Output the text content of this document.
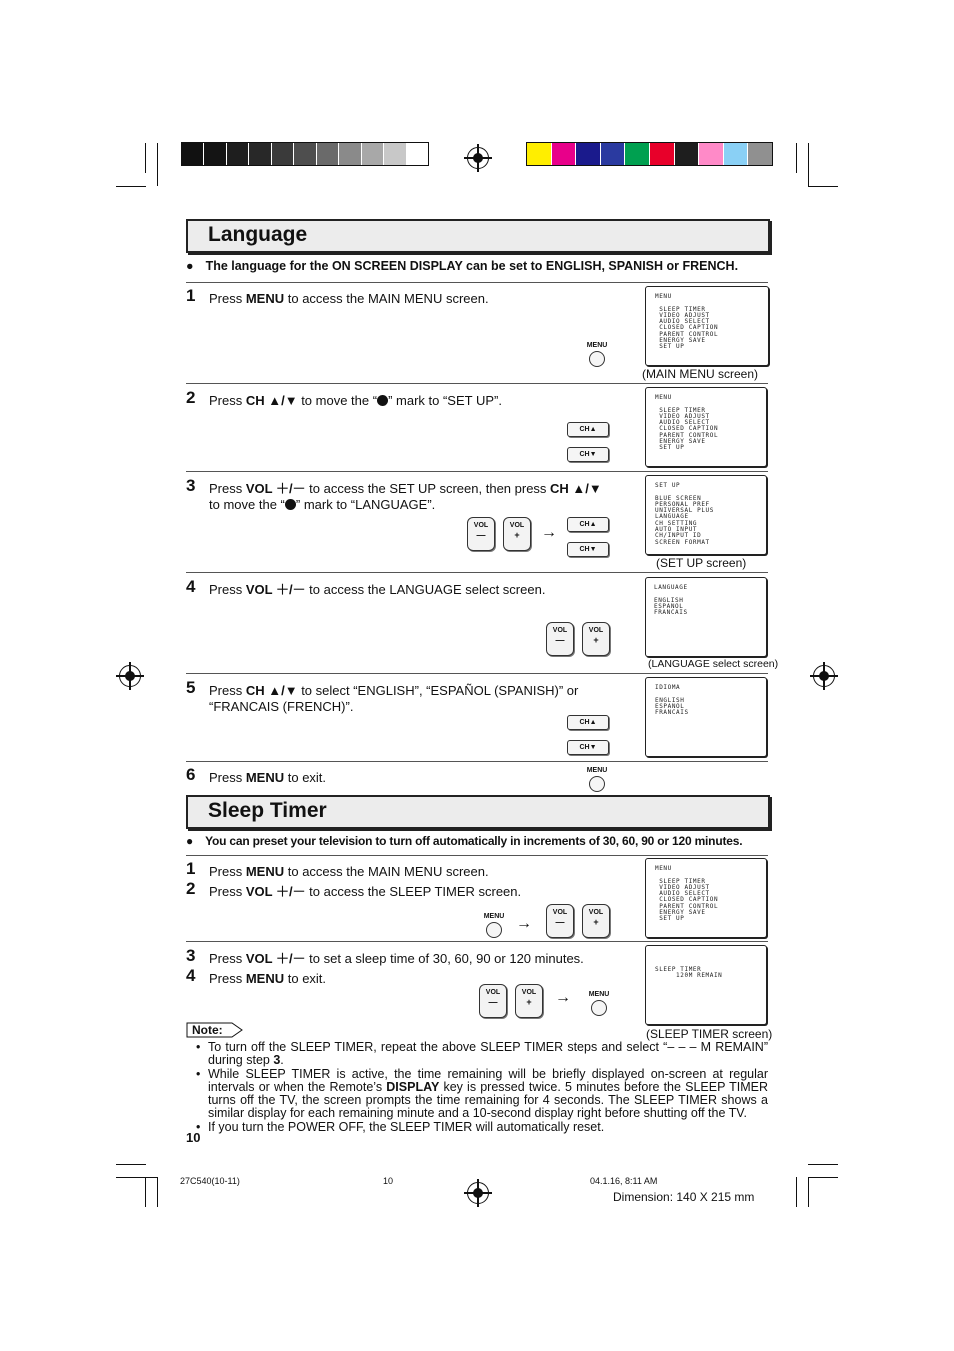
Language
● The language for the ON SCREEN DISPLAY can be set to ENGLISH, SPANISH or FRENCH.
1 Press MENU to access the MAIN MENU screen.
MENU
MENU

SLEEP TIMER
VIDEO ADJUST
AUDIO SELECT
CLOSED CAPTION
PARENT CONTROL
ENERGY SAVE
SET UP
(MAIN MENU screen)
2 Press CH ▲/▼ to move the “ ” mark to “SET UP”.
CH▲
CH▼
MENU

SLEEP TIMER
VIDEO ADJUST
AUDIO SELECT
CLOSED CAPTION
PARENT CONTROL
ENERGY SAVE
SET UP
3 Press VOL ＋/－ to access the SET UP screen, then press CH ▲/▼
to move the “ ” mark to “LANGUAGE”.
VOL
—
VOL
+	→	CH▲
CH▼
SET UP

BLUE SCREEN
PERSONAL PREF
UNIVERSAL PLUS
LANGUAGE
CH SETTING
AUTO INPUT
CH/INPUT ID
SCREEN FORMAT
(SET UP screen)
4 Press VOL ＋/－ to access the LANGUAGE select screen.
VOL
—
VOL
+
LANGUAGE

ENGLISH
ESPANOL
FRANCAIS
(LANGUAGE select screen)
5 Press CH ▲/▼ to select “ENGLISH”, “ESPAÑOL (SPANISH)” or
“FRANCAIS (FRENCH)”.
CH▲
CH▼
IDIOMA

ENGLISH
ESPANOL
FRANCAIS
6 Press MENU to exit.	MENU
Sleep Timer
● You can preset your television to turn off automatically in increments of 30, 60, 90 or 120 minutes.
1 Press MENU to access the MAIN MENU screen.
2 Press VOL ＋/－ to access the SLEEP TIMER screen.
MENU →
VOL
—
VOL
+
MENU

SLEEP TIMER
VIDEO ADJUST
AUDIO SELECT
CLOSED CAPTION
PARENT CONTROL
ENERGY SAVE
SET UP
3 Press VOL ＋/－ to set a sleep time of 30, 60, 90 or 120 minutes.
4 Press MENU to exit.
VOL
—
VOL
+	→	MENU
SLEEP TIMER
120M REMAIN
(SLEEP TIMER screen)
Note:
• To turn off the SLEEP TIMER, repeat the above SLEEP TIMER steps and select “– – – M REMAIN” during step 3.
• While SLEEP TIMER is active, the time remaining will be briefly displayed on-screen at regular intervals or when the Remote’s DISPLAY key is pressed twice. 5 minutes before the SLEEP TIMER turns off the TV, the screen prompts the time remaining for 4 seconds. The SLEEP TIMER shows a similar display for each remaining minute and a 10-second display right before shutting off the TV.
• If you turn the POWER OFF, the SLEEP TIMER will automatically reset.
10
27C540(10-11)	10	04.1.16, 8:11 AM
Dimension: 140 X 215 mm
